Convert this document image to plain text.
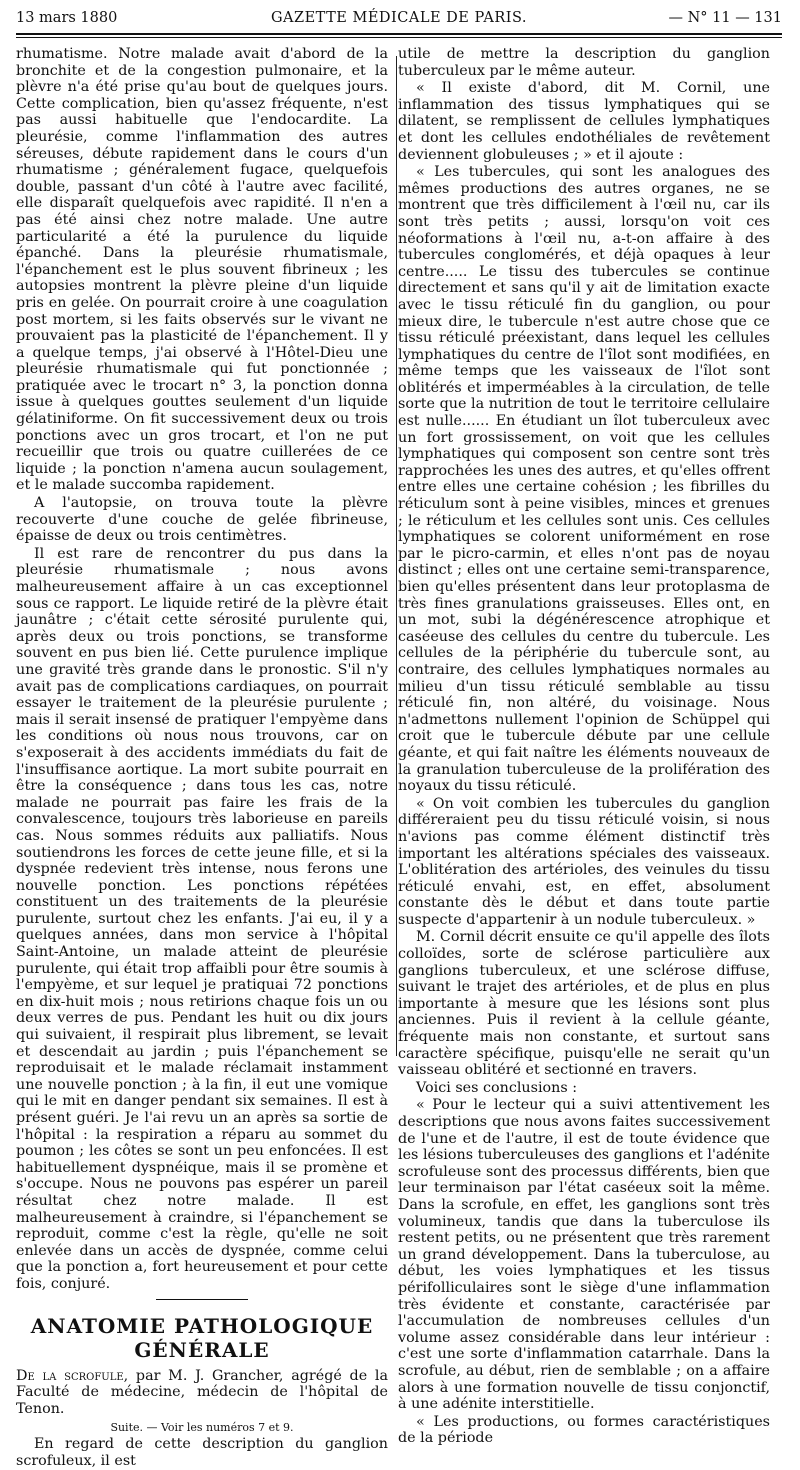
13 mars 1880	GAZETTE MÉDICALE DE PARIS.	— N° 11 — 131

rhumatisme. Notre malade avait d'abord de la bronchite et de la congestion pulmonaire, et la plèvre n'a été prise qu'au bout de quelques jours. Cette complication, bien qu'assez fréquente, n'est pas aussi habituelle que l'endocardite. La pleurésie, comme l'inflammation des autres séreuses, débute rapidement dans le cours d'un rhumatisme ; généralement fugace, quelquefois double, passant d'un côté à l'autre avec facilité, elle disparaît quelquefois avec rapidité. Il n'en a pas été ainsi chez notre malade. Une autre particularité a été la purulence du liquide épanché. Dans la pleurésie rhumatismale, l'épanchement est le plus souvent fibrineux ; les autopsies montrent la plèvre pleine d'un liquide pris en gelée. On pourrait croire à une coagulation post mortem, si les faits observés sur le vivant ne prouvaient pas la plasticité de l'épanchement. Il y a quelque temps, j'ai observé à l'Hôtel-Dieu une pleurésie rhumatismale qui fut ponctionnée ; pratiquée avec le trocart n° 3, la ponction donna issue à quelques gouttes seulement d'un liquide gélatiniforme. On fit successivement deux ou trois ponctions avec un gros trocart, et l'on ne put recueillir que trois ou quatre cuillerées de ce liquide ; la ponction n'amena aucun soulagement, et le malade succomba rapidement.

A l'autopsie, on trouva toute la plèvre recouverte d'une couche de gelée fibrineuse, épaisse de deux ou trois centimètres.

Il est rare de rencontrer du pus dans la pleurésie rhumatismale ; nous avons malheureusement affaire à un cas exceptionnel sous ce rapport. Le liquide retiré de la plèvre était jaunâtre ; c'était cette sérosité purulente qui, après deux ou trois ponctions, se transforme souvent en pus bien lié. Cette purulence implique une gravité très grande dans le pronostic. S'il n'y avait pas de complications cardiaques, on pourrait essayer le traitement de la pleurésie purulente ; mais il serait insensé de pratiquer l'empyème dans les conditions où nous nous trouvons, car on s'exposerait à des accidents immédiats du fait de l'insuffisance aortique. La mort subite pourrait en être la conséquence ; dans tous les cas, notre malade ne pourrait pas faire les frais de la convalescence, toujours très laborieuse en pareils cas. Nous sommes réduits aux palliatifs. Nous soutiendrons les forces de cette jeune fille, et si la dyspnée redevient très intense, nous ferons une nouvelle ponction. Les ponctions répétées constituent un des traitements de la pleurésie purulente, surtout chez les enfants. J'ai eu, il y a quelques années, dans mon service à l'hôpital Saint-Antoine, un malade atteint de pleurésie purulente, qui était trop affaibli pour être soumis à l'empyème, et sur lequel je pratiquai 72 ponctions en dix-huit mois ; nous retirions chaque fois un ou deux verres de pus. Pendant les huit ou dix jours qui suivaient, il respirait plus librement, se levait et descendait au jardin ; puis l'épanchement se reproduisait et le malade réclamait instamment une nouvelle ponction ; à la fin, il eut une vomique qui le mit en danger pendant six semaines. Il est à présent guéri. Je l'ai revu un an après sa sortie de l'hôpital : la respiration a réparu au sommet du poumon ; les côtes se sont un peu enfoncées. Il est habituellement dyspnéique, mais il se promène et s'occupe. Nous ne pouvons pas espérer un pareil résultat chez notre malade. Il est malheureusement à craindre, si l'épanchement se reproduit, comme c'est la règle, qu'elle ne soit enlevée dans un accès de dyspnée, comme celui que la ponction a, fort heureusement et pour cette fois, conjuré.

ANATOMIE PATHOLOGIQUE GÉNÉRALE
De la scrofule, par M. J. Grancher, agrégé de la Faculté de médecine, médecin de l'hôpital de Tenon.
Suite. — Voir les numéros 7 et 9.

En regard de cette description du ganglion scrofuleux, il est

utile de mettre la description du ganglion tuberculeux par le même auteur.

« Il existe d'abord, dit M. Cornil, une inflammation des tissus lymphatiques qui se dilatent, se remplissent de cellules lymphatiques et dont les cellules endothéliales de revêtement deviennent globuleuses ; » et il ajoute :

« Les tubercules, qui sont les analogues des mêmes productions des autres organes, ne se montrent que très difficilement à l'œil nu, car ils sont très petits ; aussi, lorsqu'on voit ces néoformations à l'œil nu, a-t-on affaire à des tubercules conglomérés, et déjà opaques à leur centre..... Le tissu des tubercules se continue directement et sans qu'il y ait de limitation exacte avec le tissu réticulé fin du ganglion, ou pour mieux dire, le tubercule n'est autre chose que ce tissu réticulé préexistant, dans lequel les cellules lymphatiques du centre de l'îlot sont modifiées, en même temps que les vaisseaux de l'îlot sont oblitérés et imperméables à la circulation, de telle sorte que la nutrition de tout le territoire cellulaire est nulle...... En étudiant un îlot tuberculeux avec un fort grossissement, on voit que les cellules lymphatiques qui composent son centre sont très rapprochées les unes des autres, et qu'elles offrent entre elles une certaine cohésion ; les fibrilles du réticulum sont à peine visibles, minces et grenues ; le réticulum et les cellules sont unis. Ces cellules lymphatiques se colorent uniformément en rose par le picro-carmin, et elles n'ont pas de noyau distinct ; elles ont une certaine semi-transparence, bien qu'elles présentent dans leur protoplasma de très fines granulations graisseuses. Elles ont, en un mot, subi la dégénérescence atrophique et caséeuse des cellules du centre du tubercule. Les cellules de la périphérie du tubercule sont, au contraire, des cellules lymphatiques normales au milieu d'un tissu réticulé semblable au tissu réticulé fin, non altéré, du voisinage. Nous n'admettons nullement l'opinion de Schüppel qui croit que le tubercule débute par une cellule géante, et qui fait naître les éléments nouveaux de la granulation tuberculeuse de la prolifération des noyaux du tissu réticulé.

« On voit combien les tubercules du ganglion différeraient peu du tissu réticulé voisin, si nous n'avions pas comme élément distinctif très important les altérations spéciales des vaisseaux. L'oblitération des artérioles, des veinules du tissu réticulé envahi, est, en effet, absolument constante dès le début et dans toute partie suspecte d'appartenir à un nodule tuberculeux. »

M. Cornil décrit ensuite ce qu'il appelle des îlots colloïdes, sorte de sclérose particulière aux ganglions tuberculeux, et une sclérose diffuse, suivant le trajet des artérioles, et de plus en plus importante à mesure que les lésions sont plus anciennes. Puis il revient à la cellule géante, fréquente mais non constante, et surtout sans caractère spécifique, puisqu'elle ne serait qu'un vaisseau oblitéré et sectionné en travers.

Voici ses conclusions :

« Pour le lecteur qui a suivi attentivement les descriptions que nous avons faites successivement de l'une et de l'autre, il est de toute évidence que les lésions tuberculeuses des ganglions et l'adénite scrofuleuse sont des processus différents, bien que leur terminaison par l'état caséeux soit la même. Dans la scrofule, en effet, les ganglions sont très volumineux, tandis que dans la tuberculose ils restent petits, ou ne présentent que très rarement un grand développement. Dans la tuberculose, au début, les voies lymphatiques et les tissus périfolliculaires sont le siège d'une inflammation très évidente et constante, caractérisée par l'accumulation de nombreuses cellules d'un volume assez considérable dans leur intérieur : c'est une sorte d'inflammation catarrhale. Dans la scrofule, au début, rien de semblable ; on a affaire alors à une formation nouvelle de tissu conjonctif, à une adénite interstitielle.

« Les productions, ou formes caractéristiques de la période
